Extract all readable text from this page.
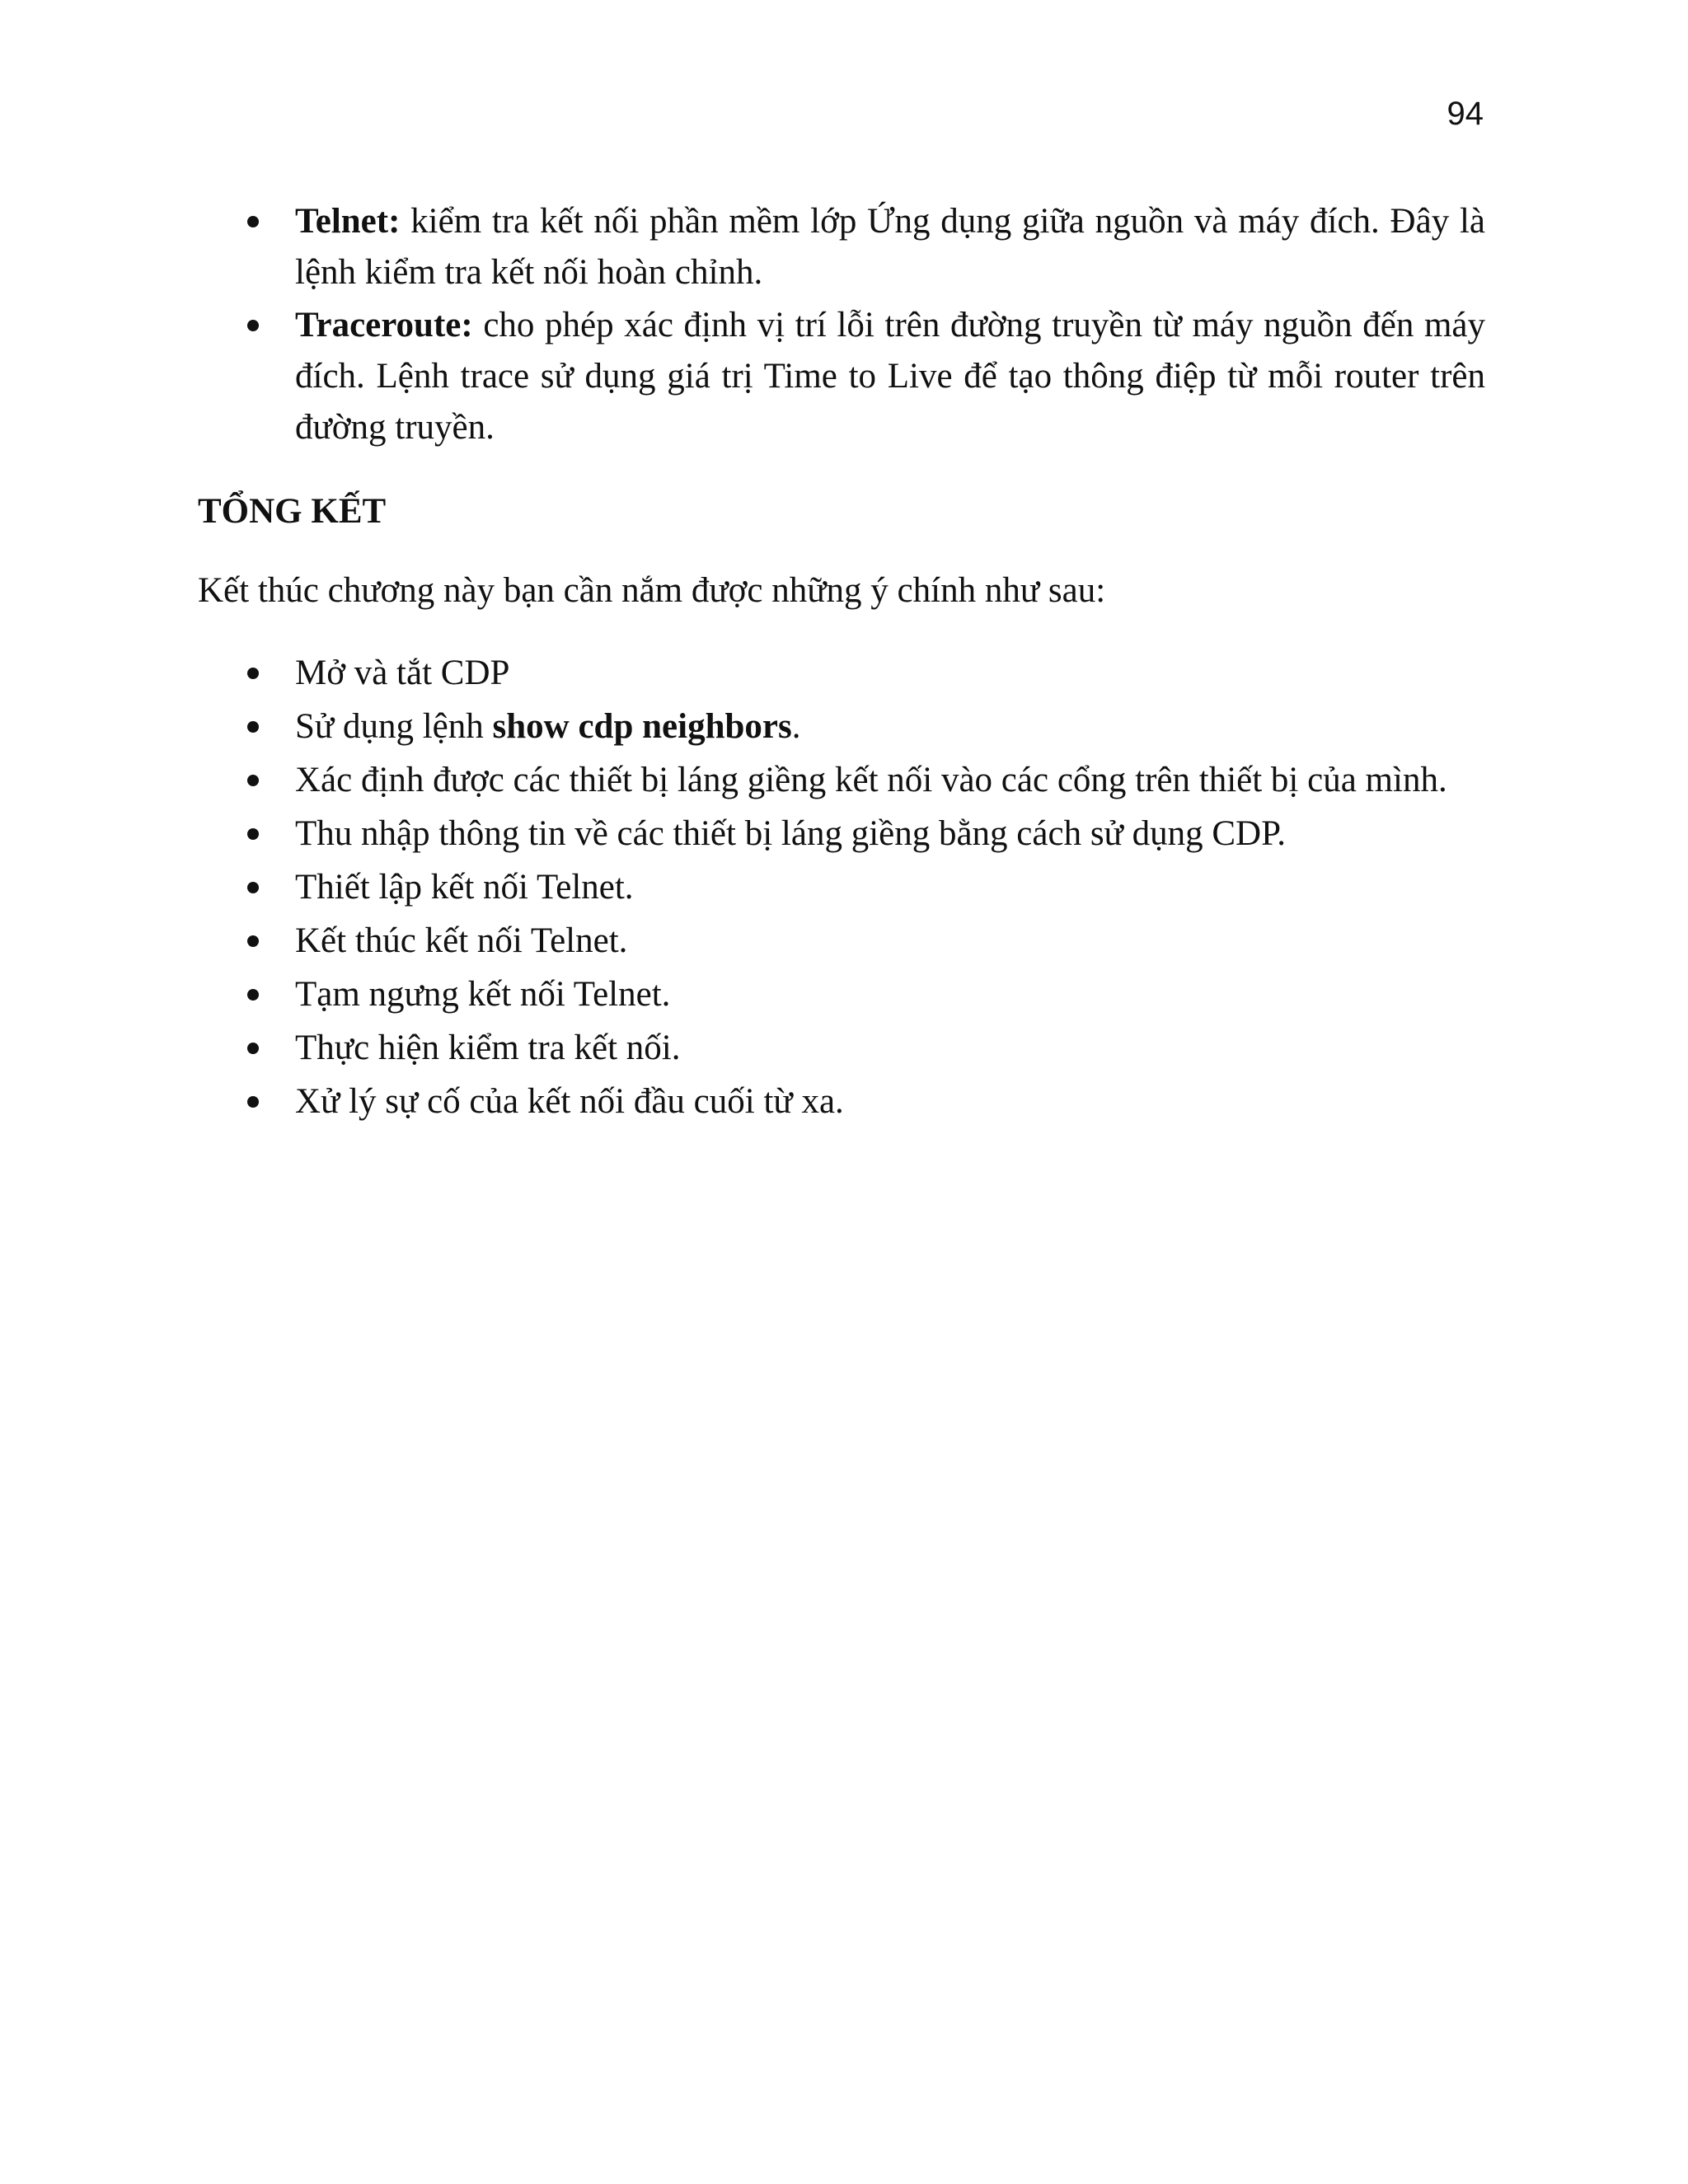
94
Telnet: kiểm tra kết nối phần mềm lớp Ứng dụng giữa nguồn và máy đích. Đây là lệnh kiểm tra kết nối hoàn chỉnh.
Traceroute: cho phép xác định vị trí lỗi trên đường truyền từ máy nguồn đến máy đích. Lệnh trace sử dụng giá trị Time to Live để tạo thông điệp từ mỗi router trên đường truyền.
TỔNG KẾT

Kết thúc chương này bạn cần nắm được những ý chính như sau:

Mở và tắt CDP
Sử dụng lệnh show cdp neighbors.
Xác định được các thiết bị láng giềng kết nối vào các cổng trên thiết bị của mình.
Thu nhập thông tin về các thiết bị láng giềng bằng cách sử dụng CDP.
Thiết lập kết nối Telnet.
Kết thúc kết nối Telnet.
Tạm ngưng kết nối Telnet.
Thực hiện kiểm tra kết nối.
Xử lý sự cố của kết nối đầu cuối từ xa.
